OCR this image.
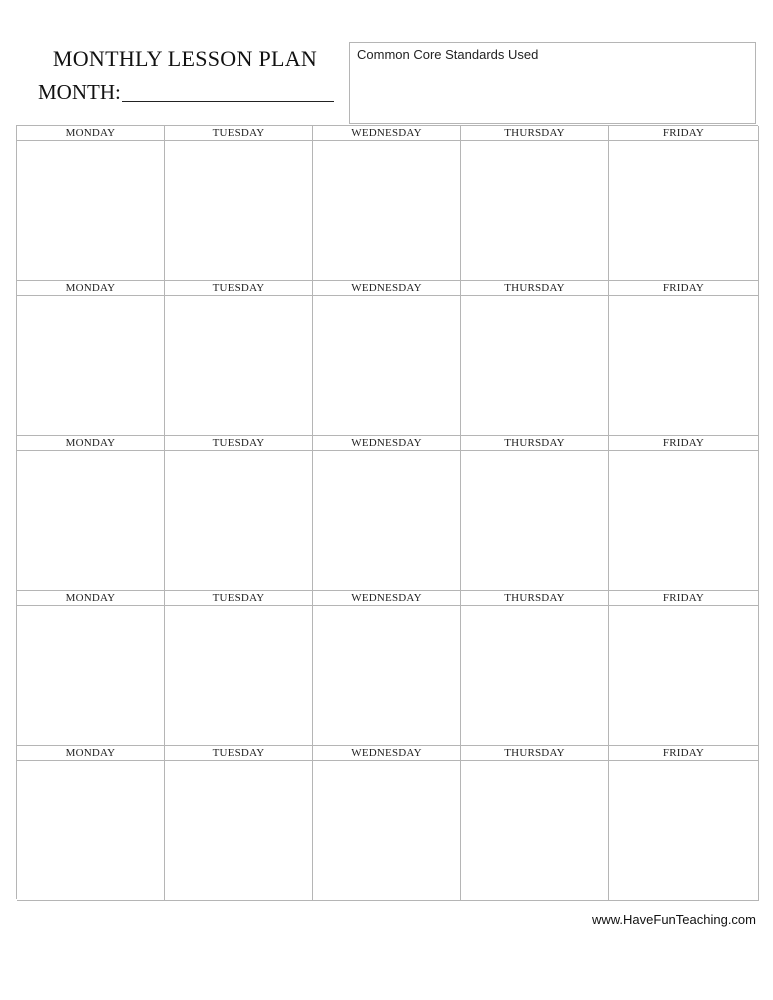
MONTHLY LESSON PLAN
MONTH:
Common Core Standards Used
MONDAY	TUESDAY	WEDNESDAY	THURSDAY	FRIDAY
MONDAY	TUESDAY	WEDNESDAY	THURSDAY	FRIDAY
MONDAY	TUESDAY	WEDNESDAY	THURSDAY	FRIDAY
MONDAY	TUESDAY	WEDNESDAY	THURSDAY	FRIDAY
MONDAY	TUESDAY	WEDNESDAY	THURSDAY	FRIDAY
www.HaveFunTeaching.com
